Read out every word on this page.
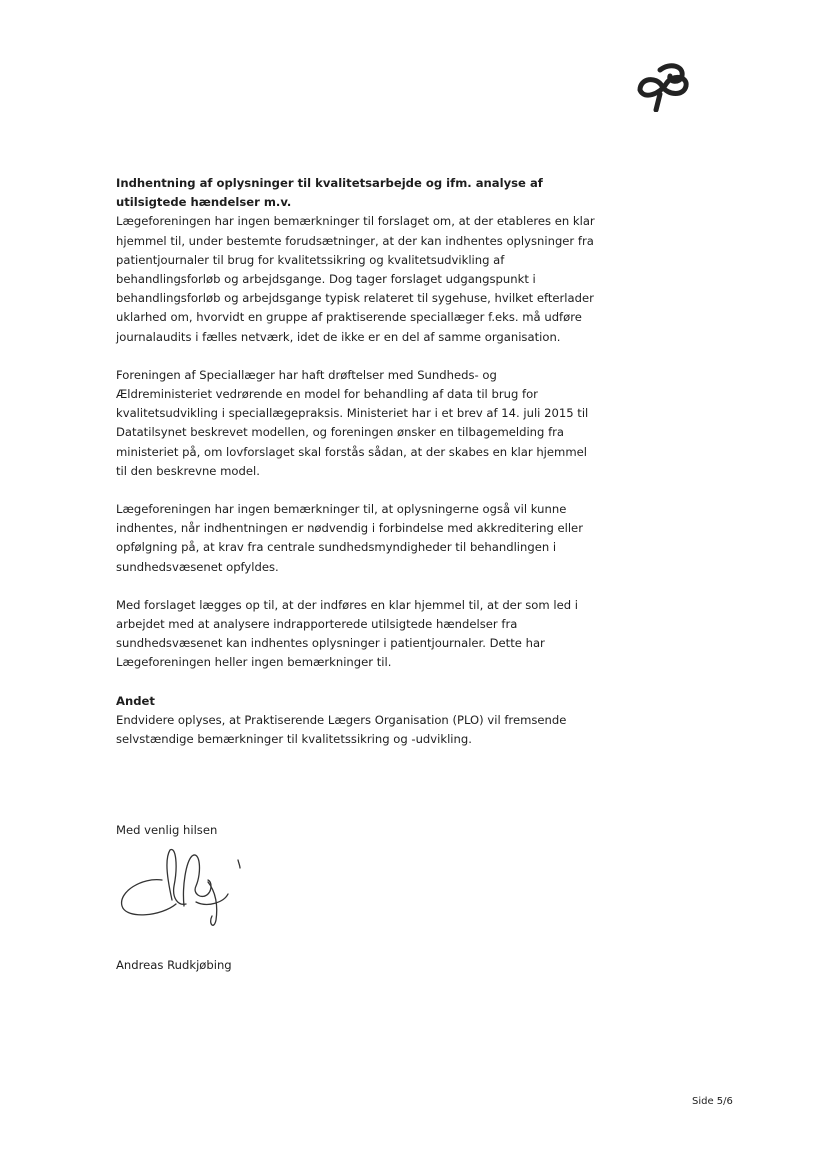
Indhentning af oplysninger til kvalitetsarbejde og ifm. analyse af utilsigtede hændelser m.v.

Lægeforeningen har ingen bemærkninger til forslaget om, at der etableres en klar hjemmel til, under bestemte forudsætninger, at der kan indhentes oplysninger fra patientjournaler til brug for kvalitetssikring og kvalitetsudvikling af behandlingsforløb og arbejdsgange. Dog tager forslaget udgangspunkt i behandlingsforløb og arbejdsgange typisk relateret til sygehuse, hvilket efterlader uklarhed om, hvorvidt en gruppe af praktiserende speciallæger f.eks. må udføre journalaudits i fælles netværk, idet de ikke er en del af samme organisation.

Foreningen af Speciallæger har haft drøftelser med Sundheds- og Ældreministeriet vedrørende en model for behandling af data til brug for kvalitetsudvikling i speciallægepraksis. Ministeriet har i et brev af 14. juli 2015 til Datatilsynet beskrevet modellen, og foreningen ønsker en tilbagemelding fra ministeriet på, om lovforslaget skal forstås sådan, at der skabes en klar hjemmel til den beskrevne model.

Lægeforeningen har ingen bemærkninger til, at oplysningerne også vil kunne indhentes, når indhentningen er nødvendig i forbindelse med akkreditering eller opfølgning på, at krav fra centrale sundhedsmyndigheder til behandlingen i sundhedsvæsenet opfyldes.

Med forslaget lægges op til, at der indføres en klar hjemmel til, at der som led i arbejdet med at analysere indrapporterede utilsigtede hændelser fra sundhedsvæsenet kan indhentes oplysninger i patientjournaler. Dette har Lægeforeningen heller ingen bemærkninger til.

Andet

Endvidere oplyses, at Praktiserende Lægers Organisation (PLO) vil fremsende selvstændige bemærkninger til kvalitetssikring og -udvikling.

Med venlig hilsen

Andreas Rudkjøbing
Side 5/6
